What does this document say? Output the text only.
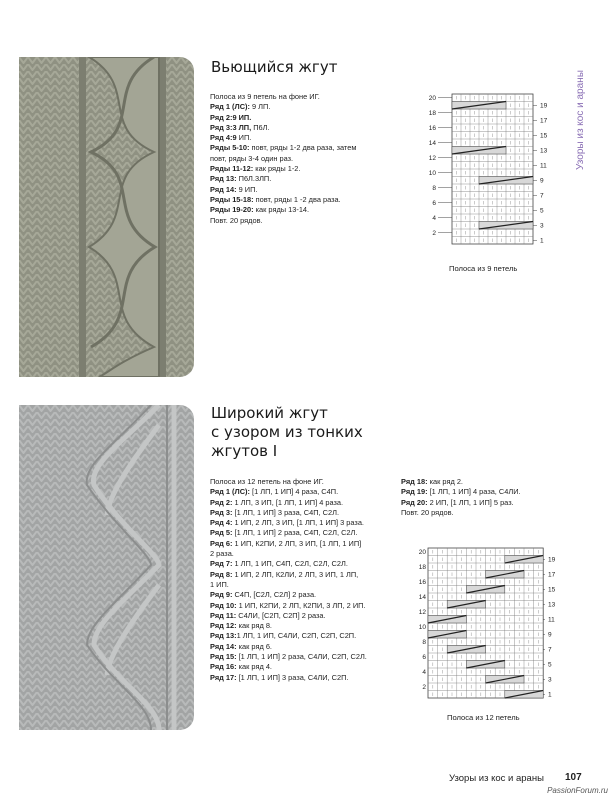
Узоры из кос и араны
Вьющийся жгут
Полоса из 9 петель на фоне ИГ.
Ряд 1 (ЛС): 9 ЛП.
Ряд 2:9 ИП.
Ряд 3:3 ЛП, П6Л.
Ряд 4:9 ИП.
Ряды 5-10: повт, ряды 1-2 два раза, затем
повт, ряды 3-4 один раз.
Ряды 11-12: как ряды 1-2.
Ряд 13: П6Л.3ЛП.
Ряд 14: 9 ИП.
Ряды 15-18: повт, ряды 1 -2 два раза.
Ряды 19-20: как ряды 13-14.
Повт. 20 рядов.
20
18
16
14
12
10
8
6
4
2
19
17
15
13
11
9
7
5
3
1
Полоса из 9 петель
Широкий жгут
с узором из тонких
жгутов I
Полоса из 12 петель на фоне ИГ.
Ряд 1 (ЛС): [1 ЛП, 1 ИП] 4 раза, С4П.
Ряд 2: 1 ЛП, 3 ИП, [1 ЛП, 1 ИП] 4 раза.
Ряд 3: [1 ЛП, 1 ИП] 3 раза, С4П, С2Л.
Ряд 4: 1 ИП, 2 ЛП, 3 ИП, [1 ЛП, 1 ИП] 3 раза.
Ряд 5: [1 ЛП, 1 ИП] 2 раза, С4П, С2Л, С2Л.
Ряд 6: 1 ИП, К2ПИ, 2 ЛП, 3 ИП, [1 ЛП, 1 ИП]
2 раза.
Ряд 7: 1 ЛП, 1 ИП, С4П, С2Л, С2Л, С2Л.
Ряд 8: 1 ИП, 2 ЛП, К2ЛИ, 2 ЛП, 3 ИП, 1 ЛП,
1 ИП.
Ряд 9: С4П, [С2Л, С2Л] 2 раза.
Ряд 10: 1 ИП, К2ПИ, 2 ЛП, К2ПИ, 3 ЛП, 2 ИП.
Ряд 11: С4ЛИ, [С2П, С2П] 2 раза.
Ряд 12: как ряд 8.
Ряд 13:1 ЛП, 1 ИП, С4ЛИ, С2П, С2П, С2П.
Ряд 14: как ряд 6.
Ряд 15: [1 ЛП, 1 ИП] 2 раза, С4ЛИ, С2П, С2Л.
Ряд 16: как ряд 4.
Ряд 17: [1 ЛП, 1 ИП] 3 раза, С4ЛИ, С2П.
Ряд 18: как ряд 2.
Ряд 19: [1 ЛП, 1 ИП] 4 раза, С4ЛИ.
Ряд 20: 2 ИП, [1 ЛП, 1 ИП] 5 раз.
Повт. 20 рядов.
20
18
16
14
12
10
8
6
4
2
19
17
15
13
11
9
7
5
3
1
Полоса из 12 петель
Узоры из кос и араны 107
PassionForum.ru
